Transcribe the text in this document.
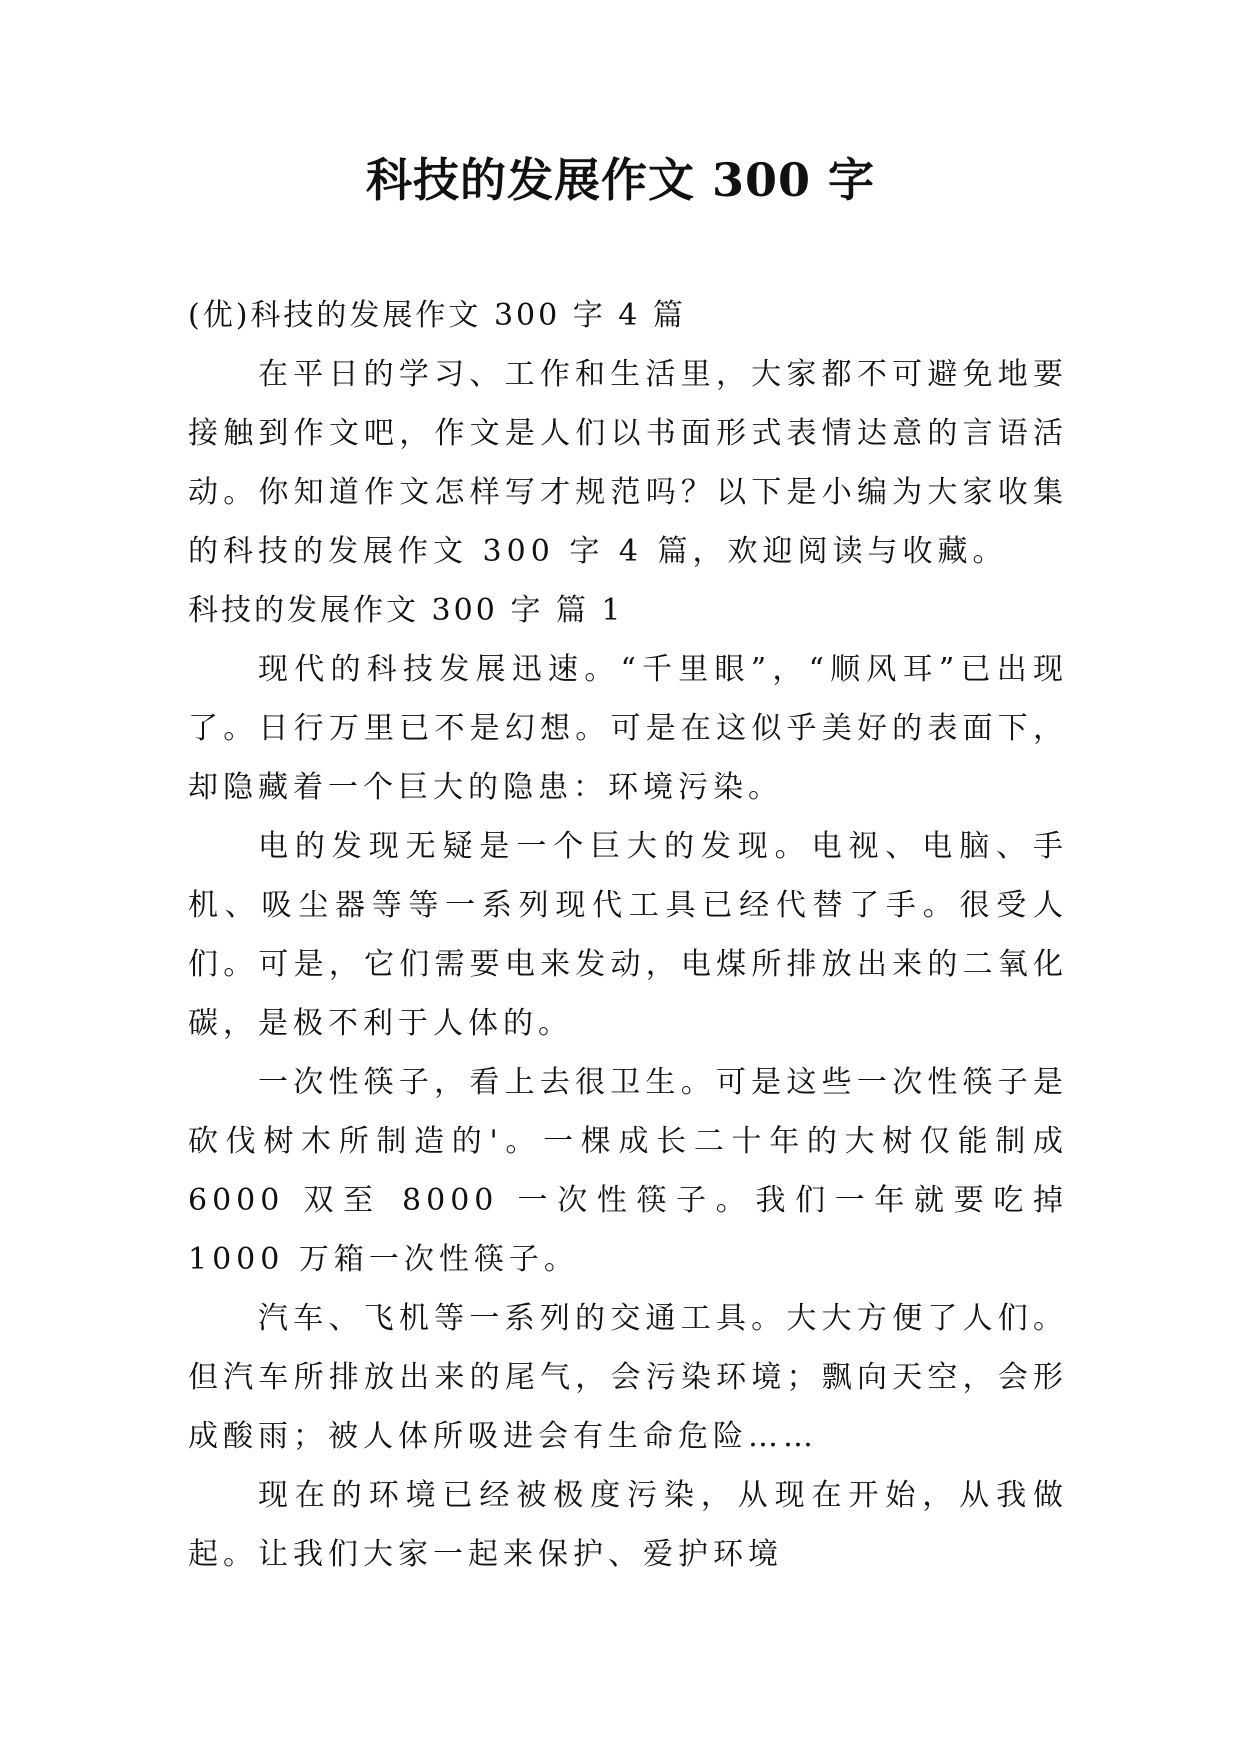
科技的发展作文 300 字

(优)科技的发展作文 300 字 4 篇

在平日的学习、工作和生活里，大家都不可避免地要接触到作文吧，作文是人们以书面形式表情达意的言语活动。你知道作文怎样写才规范吗？以下是小编为大家收集的科技的发展作文 300 字 4 篇，欢迎阅读与收藏。

科技的发展作文 300 字 篇 1

现代的科技发展迅速。“千里眼”，“顺风耳”已出现了。日行万里已不是幻想。可是在这似乎美好的表面下，却隐藏着一个巨大的隐患：环境污染。

电的发现无疑是一个巨大的发现。电视、电脑、手机、吸尘器等等一系列现代工具已经代替了手。很受人们。可是，它们需要电来发动，电煤所排放出来的二氧化碳，是极不利于人体的。

一次性筷子，看上去很卫生。可是这些一次性筷子是砍伐树木所制造的'。一棵成长二十年的大树仅能制成 6000 双至 8000 一次性筷子。我们一年就要吃掉 1000 万箱一次性筷子。

汽车、飞机等一系列的交通工具。大大方便了人们。但汽车所排放出来的尾气，会污染环境；飘向天空，会形成酸雨；被人体所吸进会有生命危险……

现在的环境已经被极度污染，从现在开始，从我做起。让我们大家一起来保护、爱护环境
